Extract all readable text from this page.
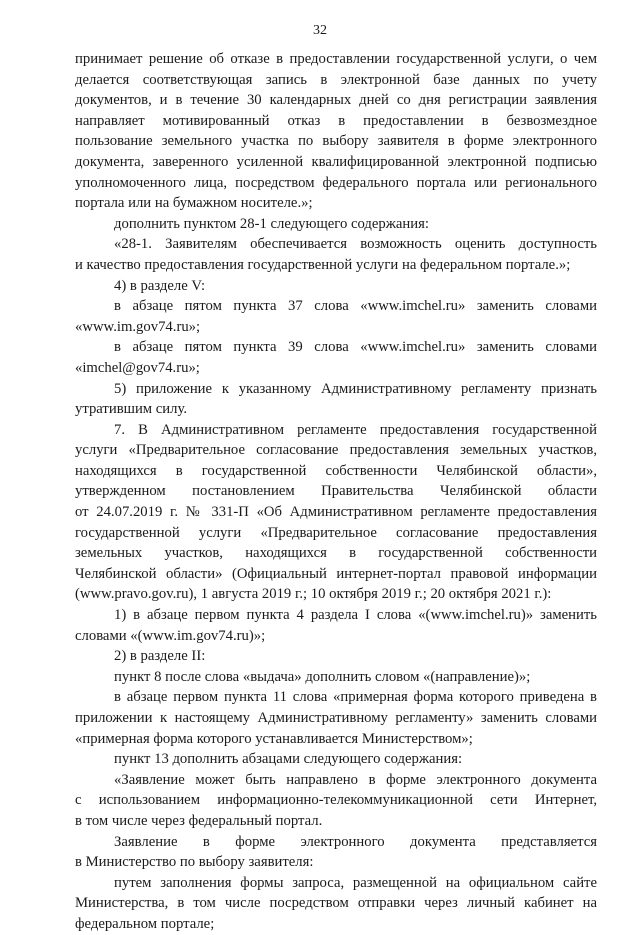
32
принимает решение об отказе в предоставлении государственной услуги, о чем
делается соответствующая запись в электронной базе данных по учету
документов, и в течение 30 календарных дней со дня регистрации заявления
направляет мотивированный отказ в предоставлении в безвозмездное
пользование земельного участка по выбору заявителя в форме электронного
документа, заверенного усиленной квалифицированной электронной подписью
уполномоченного лица, посредством федерального портала или регионального
портала или на бумажном носителе.»;
дополнить пунктом 28-1 следующего содержания:
«28-1. Заявителям обеспечивается возможность оценить доступность
и качество предоставления государственной услуги на федеральном портале.»;
4) в разделе V:
в абзаце пятом пункта 37 слова «www.imchel.ru» заменить словами
«www.im.gov74.ru»;
в абзаце пятом пункта 39 слова «www.imchel.ru» заменить словами
«imchel@gov74.ru»;
5) приложение к указанному Административному регламенту признать
утратившим силу.
7. В Административном регламенте предоставления государственной
услуги «Предварительное согласование предоставления земельных участков,
находящихся в государственной собственности Челябинской области»,
утвержденном постановлением Правительства Челябинской области
от 24.07.2019 г. № 331-П «Об Административном регламенте предоставления
государственной услуги «Предварительное согласование предоставления
земельных участков, находящихся в государственной собственности
Челябинской области» (Официальный интернет-портал правовой информации
(www.pravo.gov.ru), 1 августа 2019 г.; 10 октября 2019 г.; 20 октября 2021 г.):
1) в абзаце первом пункта 4 раздела I слова «(www.imchel.ru)» заменить
словами «(www.im.gov74.ru)»;
2) в разделе II:
пункт 8 после слова «выдача» дополнить словом «(направление)»;
в абзаце первом пункта 11 слова «примерная форма которого приведена в
приложении к настоящему Административному регламенту» заменить словами
«примерная форма которого устанавливается Министерством»;
пункт 13 дополнить абзацами следующего содержания:
«Заявление может быть направлено в форме электронного документа
с использованием информационно-телекоммуникационной сети Интернет,
в том числе через федеральный портал.
Заявление в форме электронного документа представляется
в Министерство по выбору заявителя:
путем заполнения формы запроса, размещенной на официальном сайте
Министерства, в том числе посредством отправки через личный кабинет на
федеральном портале;
